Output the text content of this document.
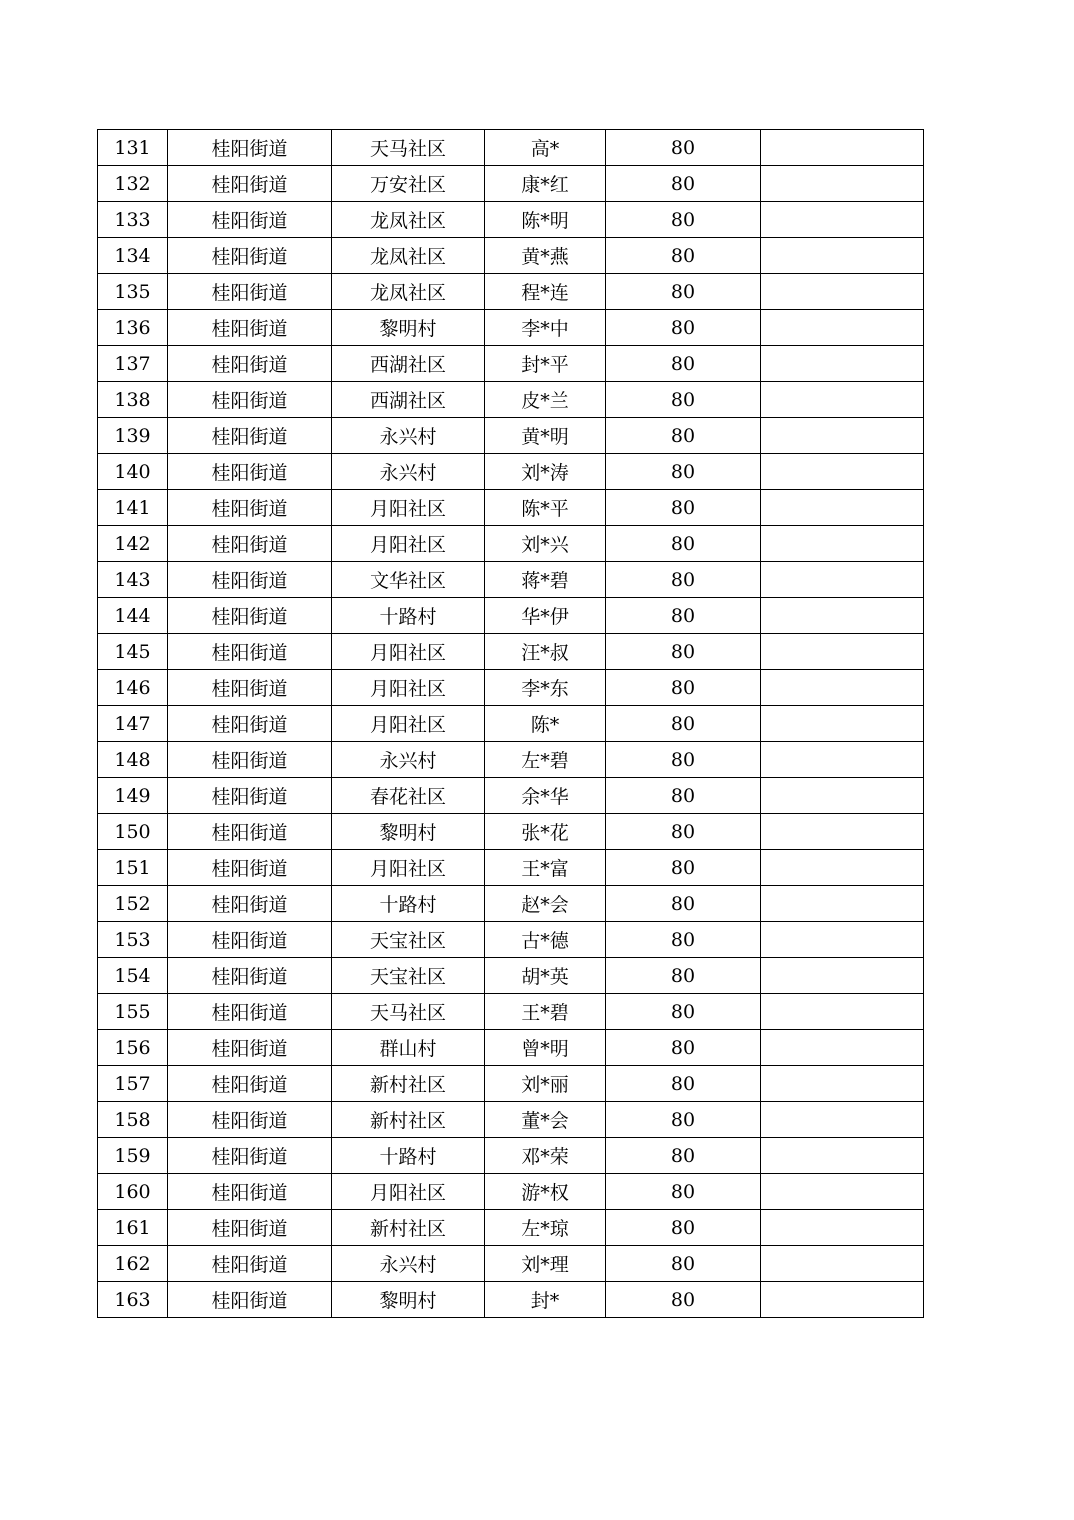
131	桂阳街道	天马社区	高*	80	
132	桂阳街道	万安社区	康*红	80	
133	桂阳街道	龙凤社区	陈*明	80	
134	桂阳街道	龙凤社区	黄*燕	80	
135	桂阳街道	龙凤社区	程*连	80	
136	桂阳街道	黎明村	李*中	80	
137	桂阳街道	西湖社区	封*平	80	
138	桂阳街道	西湖社区	皮*兰	80	
139	桂阳街道	永兴村	黄*明	80	
140	桂阳街道	永兴村	刘*涛	80	
141	桂阳街道	月阳社区	陈*平	80	
142	桂阳街道	月阳社区	刘*兴	80	
143	桂阳街道	文华社区	蒋*碧	80	
144	桂阳街道	十路村	华*伊	80	
145	桂阳街道	月阳社区	汪*叔	80	
146	桂阳街道	月阳社区	李*东	80	
147	桂阳街道	月阳社区	陈*	80	
148	桂阳街道	永兴村	左*碧	80	
149	桂阳街道	春花社区	余*华	80	
150	桂阳街道	黎明村	张*花	80	
151	桂阳街道	月阳社区	王*富	80	
152	桂阳街道	十路村	赵*会	80	
153	桂阳街道	天宝社区	古*德	80	
154	桂阳街道	天宝社区	胡*英	80	
155	桂阳街道	天马社区	王*碧	80	
156	桂阳街道	群山村	曾*明	80	
157	桂阳街道	新村社区	刘*丽	80	
158	桂阳街道	新村社区	董*会	80	
159	桂阳街道	十路村	邓*荣	80	
160	桂阳街道	月阳社区	游*权	80	
161	桂阳街道	新村社区	左*琼	80	
162	桂阳街道	永兴村	刘*理	80	
163	桂阳街道	黎明村	封*	80	
